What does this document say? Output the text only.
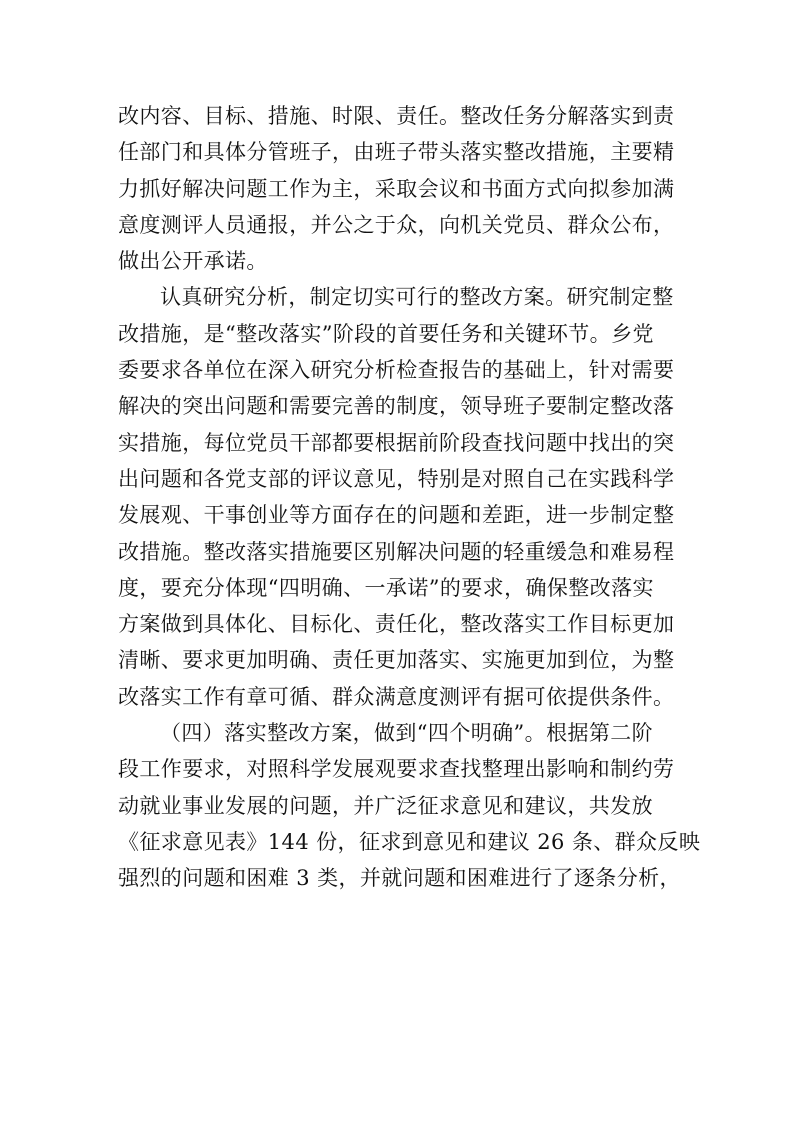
改内容、目标、措施、时限、责任。整改任务分解落实到责
任部门和具体分管班子，由班子带头落实整改措施，主要精
力抓好解决问题工作为主，采取会议和书面方式向拟参加满
意度测评人员通报，并公之于众，向机关党员、群众公布，
做出公开承诺。
认真研究分析，制定切实可行的整改方案。研究制定整
改措施，是“整改落实”阶段的首要任务和关键环节。乡党
委要求各单位在深入研究分析检查报告的基础上，针对需要
解决的突出问题和需要完善的制度，领导班子要制定整改落
实措施，每位党员干部都要根据前阶段查找问题中找出的突
出问题和各党支部的评议意见，特别是对照自己在实践科学
发展观、干事创业等方面存在的问题和差距，进一步制定整
改措施。整改落实措施要区别解决问题的轻重缓急和难易程
度，要充分体现“四明确、一承诺”的要求，确保整改落实
方案做到具体化、目标化、责任化，整改落实工作目标更加
清晰、要求更加明确、责任更加落实、实施更加到位，为整
改落实工作有章可循、群众满意度测评有据可依提供条件。
（四）落实整改方案，做到“四个明确”。根据第二阶
段工作要求，对照科学发展观要求查找整理出影响和制约劳
动就业事业发展的问题，并广泛征求意见和建议，共发放
《征求意见表》144 份，征求到意见和建议 26 条、群众反映
强烈的问题和困难 3 类，并就问题和困难进行了逐条分析，
